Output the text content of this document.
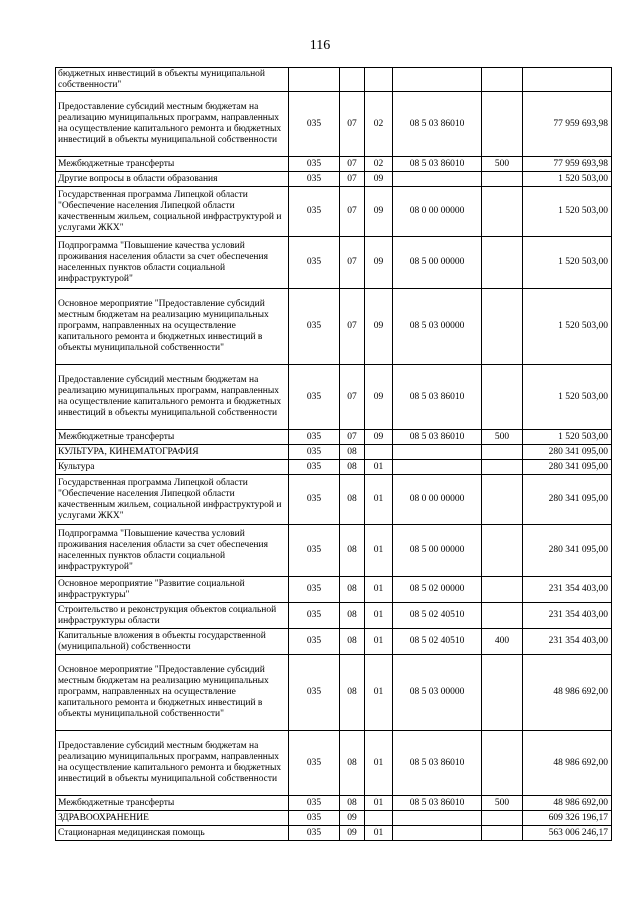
116
бюджетных инвестиций в объекты муниципальной собственности"						
Предоставление субсидий местным бюджетам на реализацию муниципальных программ, направленных на осуществление капитального ремонта и бюджетных инвестиций в объекты муниципальной собственности	035	07	02	08 5 03 86010		77 959 693,98
Межбюджетные трансферты	035	07	02	08 5 03 86010	500	77 959 693,98
Другие вопросы в области образования	035	07	09			1 520 503,00
Государственная программа Липецкой области "Обеспечение населения Липецкой области качественным жильем, социальной инфраструктурой и услугами ЖКХ"	035	07	09	08 0 00 00000		1 520 503,00
Подпрограмма "Повышение качества условий проживания населения области за счет обеспечения населенных пунктов области социальной инфраструктурой"	035	07	09	08 5 00 00000		1 520 503,00
Основное мероприятие "Предоставление субсидий местным бюджетам на реализацию муниципальных программ, направленных на осуществление капитального ремонта и бюджетных инвестиций в объекты муниципальной собственности"	035	07	09	08 5 03 00000		1 520 503,00
Предоставление субсидий местным бюджетам на реализацию муниципальных программ, направленных на осуществление капитального ремонта и бюджетных инвестиций в объекты муниципальной собственности	035	07	09	08 5 03 86010		1 520 503,00
Межбюджетные трансферты	035	07	09	08 5 03 86010	500	1 520 503,00
КУЛЬТУРА, КИНЕМАТОГРАФИЯ	035	08				280 341 095,00
Культура	035	08	01			280 341 095,00
Государственная программа Липецкой области "Обеспечение населения Липецкой области качественным жильем, социальной инфраструктурой и услугами ЖКХ"	035	08	01	08 0 00 00000		280 341 095,00
Подпрограмма "Повышение качества условий проживания населения области за счет обеспечения населенных пунктов области социальной инфраструктурой"	035	08	01	08 5 00 00000		280 341 095,00
Основное мероприятие "Развитие социальной инфраструктуры"	035	08	01	08 5 02 00000		231 354 403,00
Строительство и реконструкция объектов социальной инфраструктуры области	035	08	01	08 5 02 40510		231 354 403,00
Капитальные вложения в объекты государственной (муниципальной) собственности	035	08	01	08 5 02 40510	400	231 354 403,00
Основное мероприятие "Предоставление субсидий местным бюджетам на реализацию муниципальных программ, направленных на осуществление капитального ремонта и бюджетных инвестиций в объекты муниципальной собственности"	035	08	01	08 5 03 00000		48 986 692,00
Предоставление субсидий местным бюджетам на реализацию муниципальных программ, направленных на осуществление капитального ремонта и бюджетных инвестиций в объекты муниципальной собственности	035	08	01	08 5 03 86010		48 986 692,00
Межбюджетные трансферты	035	08	01	08 5 03 86010	500	48 986 692,00
ЗДРАВООХРАНЕНИЕ	035	09				609 326 196,17
Стационарная медицинская помощь	035	09	01			563 006 246,17
